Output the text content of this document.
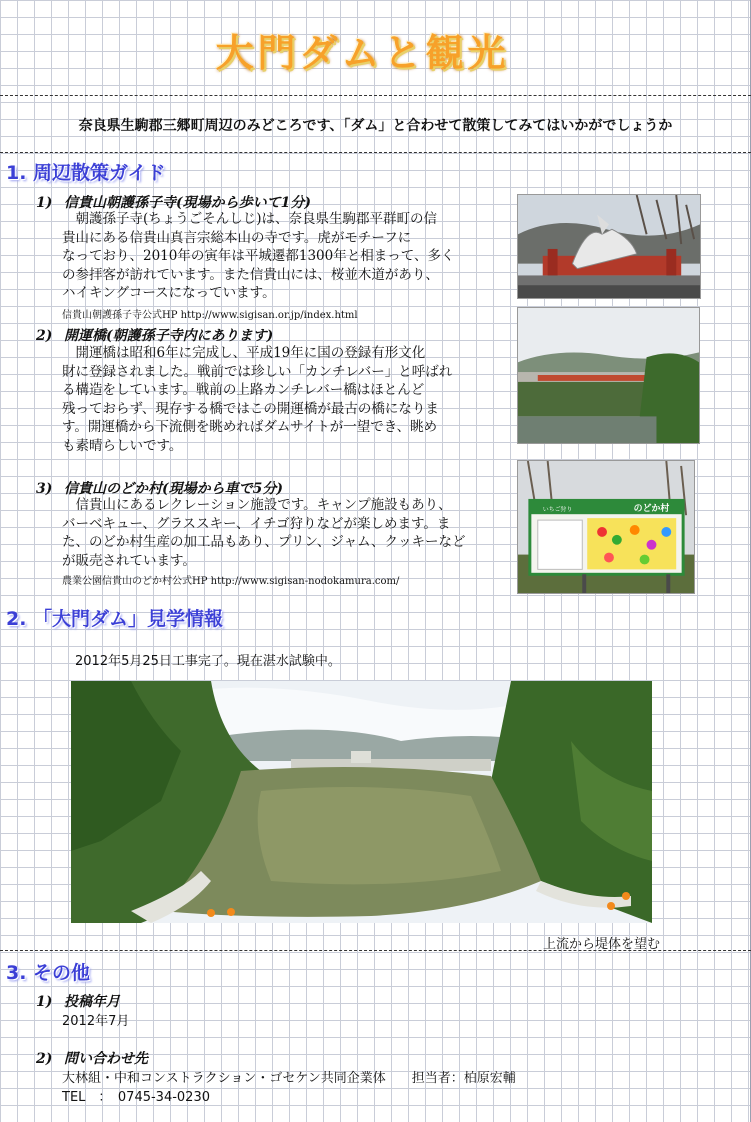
大門ダムと観光
奈良県生駒郡三郷町周辺のみどころです、「ダム」と合わせて散策してみてはいかがでしょうか
1. 周辺散策ガイド
1) 信貴山朝護孫子寺(現場から歩いて1分)
　朝護孫子寺(ちょうごそんしじ)は、奈良県生駒郡平群町の信
貴山にある信貴山真言宗総本山の寺です。虎がモチーフに
なっており、2010年の寅年は平城遷都1300年と相まって、多く
の参拝客が訪れています。また信貴山には、桜並木道があり、
ハイキングコースになっています。
信貴山朝護孫子寺公式HP http://www.sigisan.or.jp/index.html
2) 開運橋(朝護孫子寺内にあります)
　開運橋は昭和6年に完成し、平成19年に国の登録有形文化
財に登録されました。戦前では珍しい「カンチレバー」と呼ばれ
る構造をしています。戦前の上路カンチレバー橋はほとんど
残っておらず、現存する橋ではこの開運橋が最古の橋になりま
す。開運橋から下流側を眺めればダムサイトが一望でき、眺め
も素晴らしいです。
3) 信貴山のどか村(現場から車で5分)
　信貴山にあるレクレーション施設です。キャンプ施設もあり、
バーベキュー、グラススキー、イチゴ狩りなどが楽しめます。ま
た、のどか村生産の加工品もあり、プリン、ジャム、クッキーなど
が販売されています。
農業公園信貴山のどか村公式HP http://www.sigisan-nodokamura.com/
のどか村
いちご狩り
2. 「大門ダム」見学情報
2012年5月25日工事完了。現在湛水試験中。
上流から堤体を望む
3. その他
1) 投稿年月
2012年7月
2) 問い合わせ先
大林組・中和コンストラクション・ゴセケン共同企業体　　担当者：柏原宏輔
TEL　：　0745-34-0230
